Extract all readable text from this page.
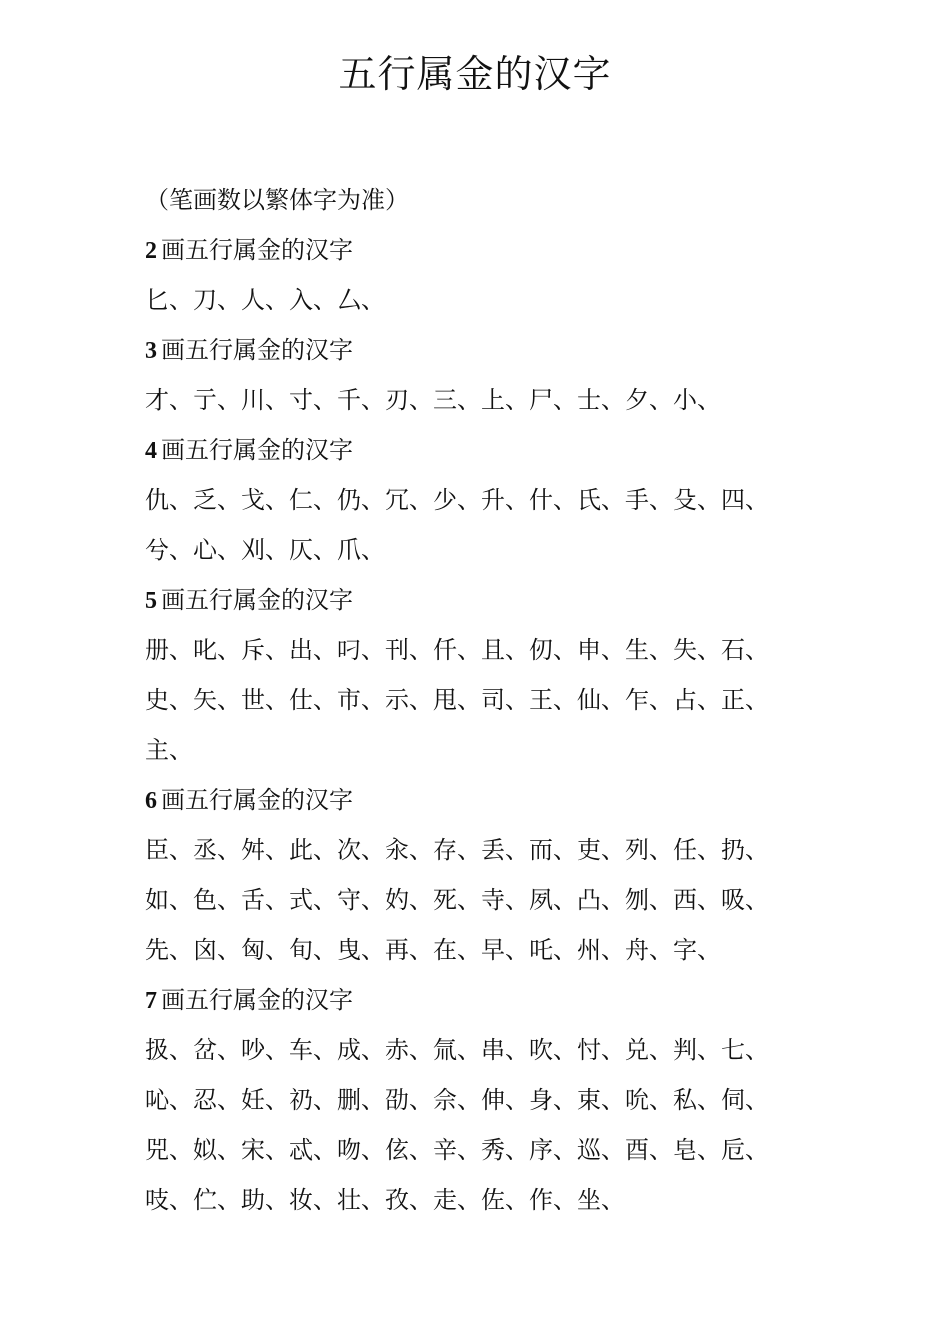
五行属金的汉字
（笔画数以繁体字为准）
2 画五行属金的汉字
匕、刀、人、入、厶、
3 画五行属金的汉字
才、亍、川、寸、千、刃、三、上、尸、士、夕、小、
4 画五行属金的汉字
仇、乏、戈、仁、仍、冗、少、升、什、氏、手、殳、四、
兮、心、刈、仄、爪、
5 画五行属金的汉字
册、叱、斥、出、叼、刊、仟、且、仞、申、生、失、石、
史、矢、世、仕、市、示、甩、司、王、仙、乍、占、正、
主、
6 画五行属金的汉字
臣、丞、舛、此、次、汆、存、丢、而、吏、列、任、扔、
如、色、舌、式、守、妁、死、寺、夙、凸、刎、西、吸、
先、囟、匈、旬、曳、再、在、早、吒、州、舟、字、
7 画五行属金的汉字
扱、岔、吵、车、成、赤、氚、串、吹、忖、兑、判、七、
吣、忍、妊、礽、删、劭、佘、伸、身、束、吮、私、伺、
兕、姒、宋、忒、吻、伭、辛、秀、序、巡、酉、皂、卮、
吱、伫、助、妆、壮、孜、走、佐、作、坐、
